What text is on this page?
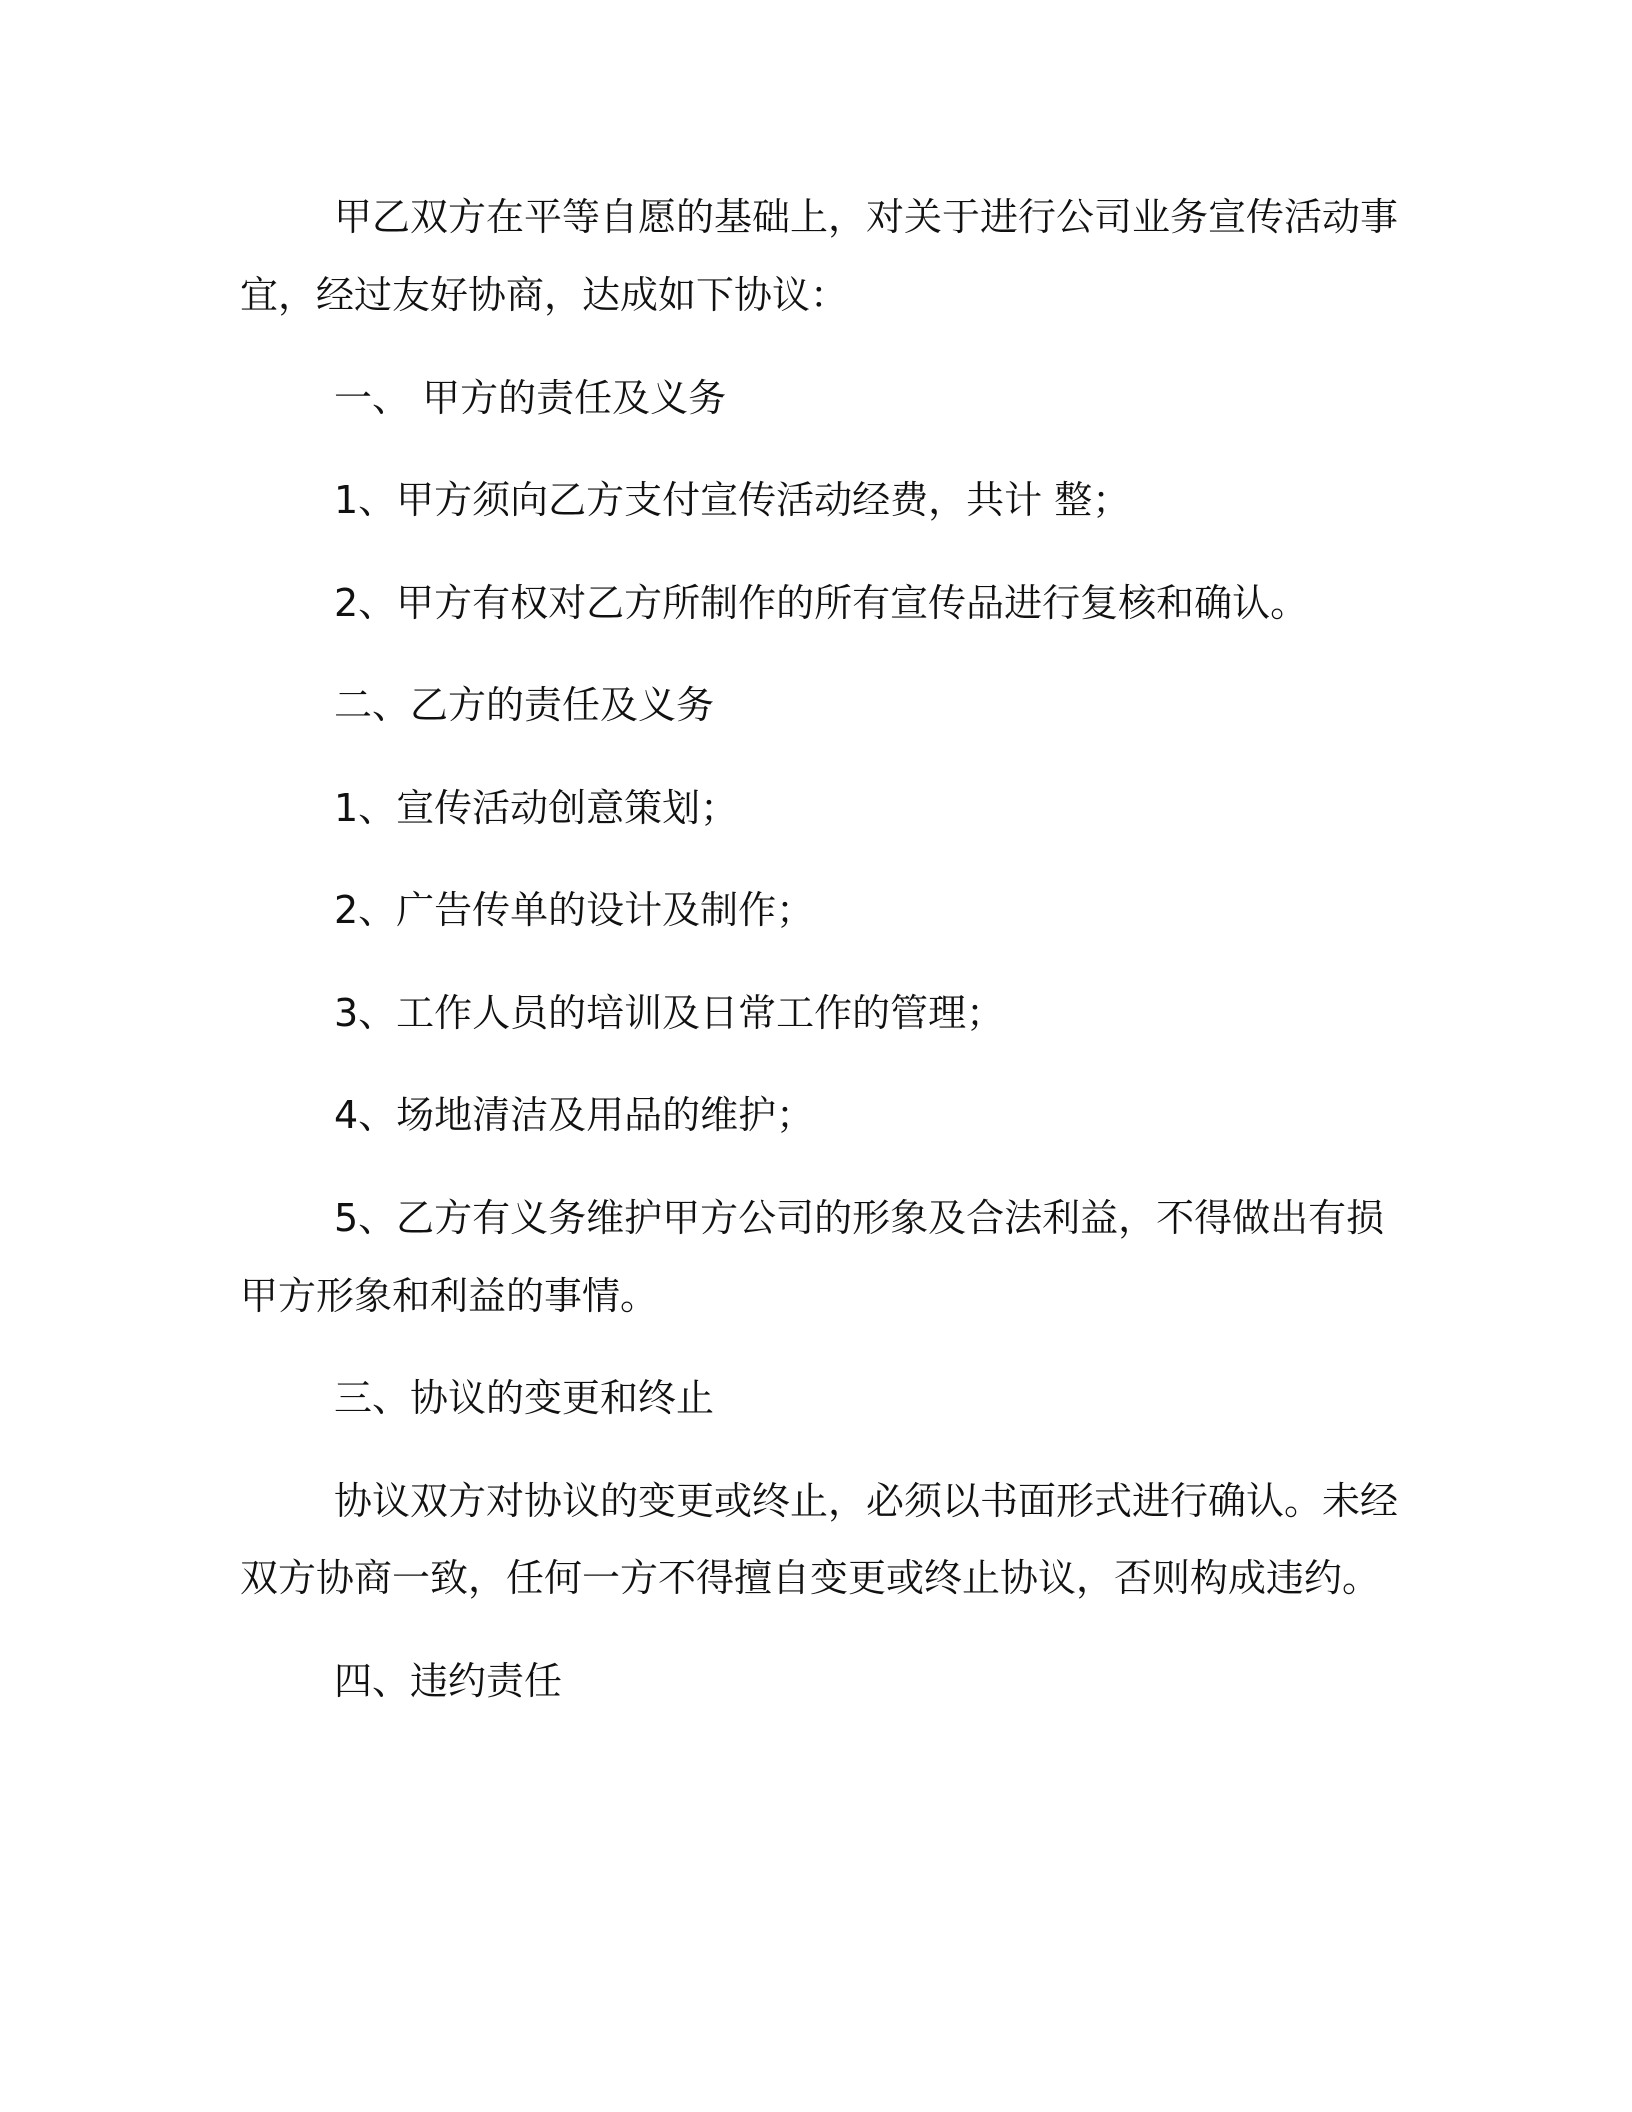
甲乙双方在平等自愿的基础上，对关于进行公司业务宣传活动事
宜，经过友好协商，达成如下协议：
一、 甲方的责任及义务
1、甲方须向乙方支付宣传活动经费，共计 整；
2、甲方有权对乙方所制作的所有宣传品进行复核和确认。
二、乙方的责任及义务
1、宣传活动创意策划；
2、广告传单的设计及制作；
3、工作人员的培训及日常工作的管理；
4、场地清洁及用品的维护；
5、乙方有义务维护甲方公司的形象及合法利益，不得做出有损
甲方形象和利益的事情。
三、协议的变更和终止
协议双方对协议的变更或终止，必须以书面形式进行确认。未经
双方协商一致，任何一方不得擅自变更或终止协议，否则构成违约。
四、违约责任
